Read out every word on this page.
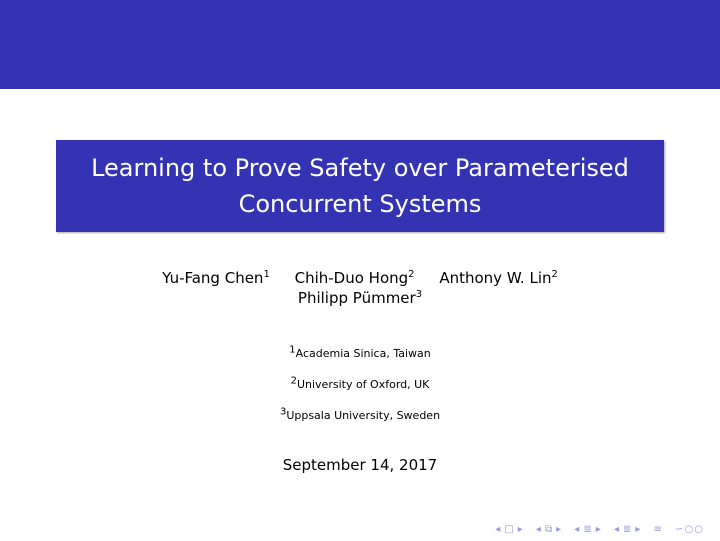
Learning to Prove Safety over Parameterised
Concurrent Systems
Yu-Fang Chen$^1$ Chih-Duo Hong$^2$ Anthony W. Lin$^2$
Philipp Pümmer$^3$
$^1$Academia Sinica, Taiwan
$^2$University of Oxford, UK
$^3$Uppsala University, Sweden
September 14, 2017
◂ □ ▸ ◂ ⧉ ▸ ◂ ≣ ▸ ◂ ≣ ▸ ≡ ∽○○
